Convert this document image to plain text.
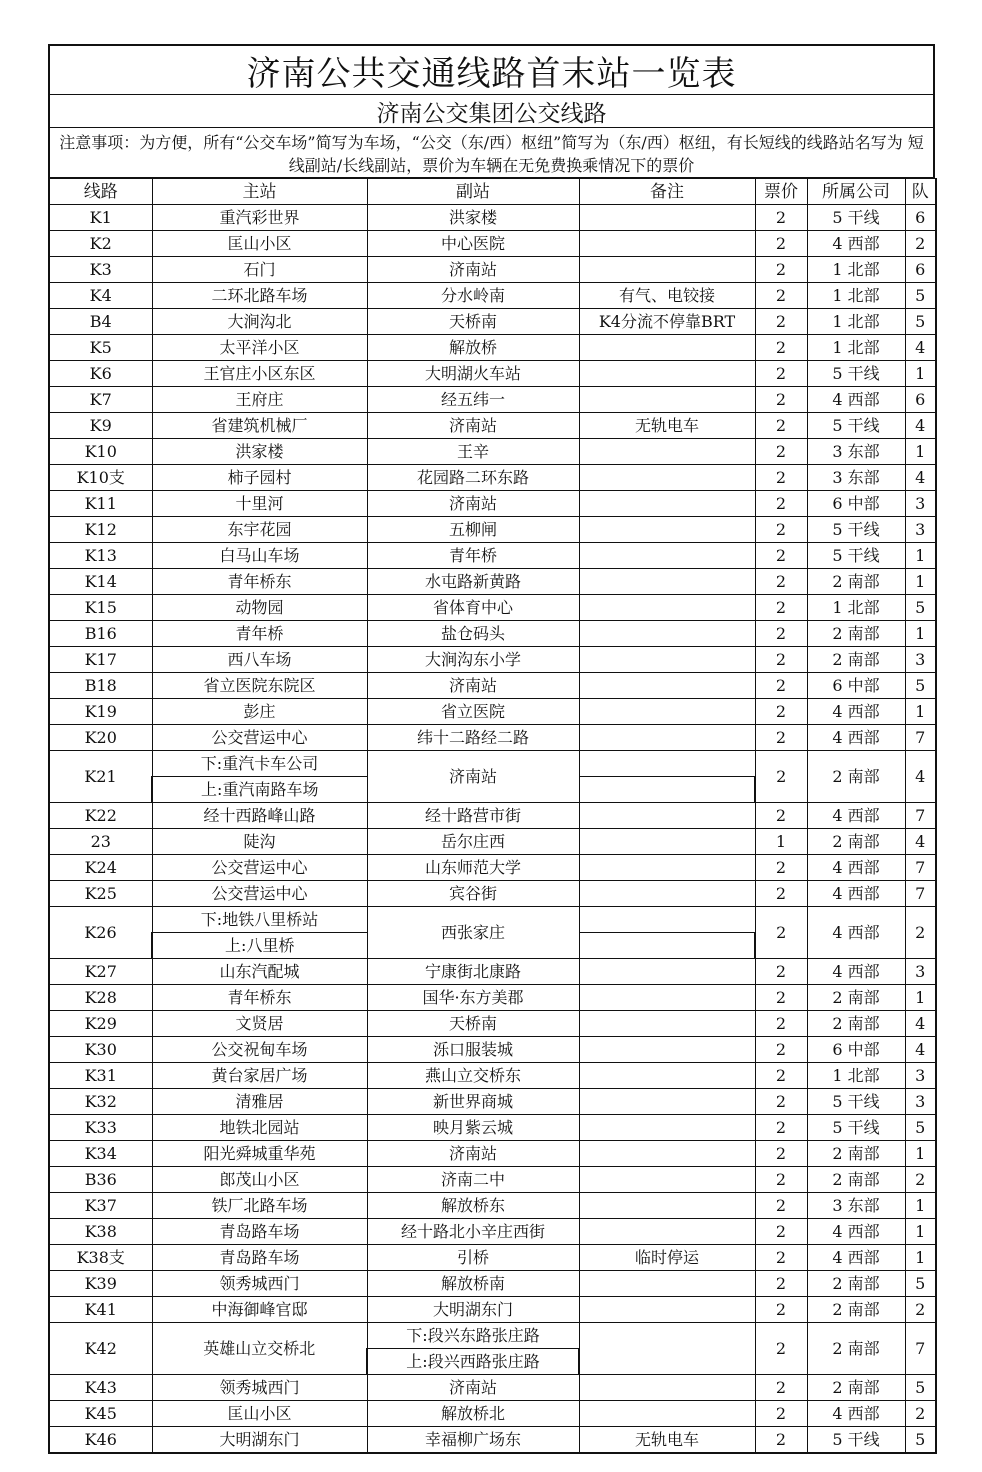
济南公共交通线路首末站一览表
济南公交集团公交线路
注意事项：为方便，所有“公交车场”简写为车场，“公交（东/西）枢纽”简写为（东/西）枢纽，有长短线的线路站名写为 短线副站/长线副站，票价为车辆在无免费换乘情况下的票价
线路	主站	副站	备注	票价	所属公司	队
K1	重汽彩世界	洪家楼		2	5 干线	6
K2	匡山小区	中心医院		2	4 西部	2
K3	石门	济南站		2	1 北部	6
K4	二环北路车场	分水岭南	有气、电铰接	2	1 北部	5
B4	大涧沟北	天桥南	K4分流不停靠BRT	2	1 北部	5
K5	太平洋小区	解放桥		2	1 北部	4
K6	王官庄小区东区	大明湖火车站		2	5 干线	1
K7	王府庄	经五纬一		2	4 西部	6
K9	省建筑机械厂	济南站	无轨电车	2	5 干线	4
K10	洪家楼	王辛		2	3 东部	1
K10支	柿子园村	花园路二环东路		2	3 东部	4
K11	十里河	济南站		2	6 中部	3
K12	东宇花园	五柳闸		2	5 干线	3
K13	白马山车场	青年桥		2	5 干线	1
K14	青年桥东	水屯路新黄路		2	2 南部	1
K15	动物园	省体育中心		2	1 北部	5
B16	青年桥	盐仓码头		2	2 南部	1
K17	西八车场	大涧沟东小学		2	2 南部	3
B18	省立医院东院区	济南站		2	6 中部	5
K19	彭庄	省立医院		2	4 西部	1
K20	公交营运中心	纬十二路经二路		2	4 西部	7
K21	下:重汽卡车公司	济南站		2	2 南部	4
	上:重汽南路车场					
K22	经十西路峰山路	经十路营市街		2	4 西部	7
23	陡沟	岳尔庄西		1	2 南部	4
K24	公交营运中心	山东师范大学		2	4 西部	7
K25	公交营运中心	宾谷街		2	4 西部	7
K26	下:地铁八里桥站	西张家庄		2	4 西部	2
	上:八里桥					
K27	山东汽配城	宁康街北康路		2	4 西部	3
K28	青年桥东	国华·东方美郡		2	2 南部	1
K29	文贤居	天桥南		2	2 南部	4
K30	公交祝甸车场	泺口服装城		2	6 中部	4
K31	黄台家居广场	燕山立交桥东		2	1 北部	3
K32	清雅居	新世界商城		2	5 干线	3
K33	地铁北园站	映月紫云城		2	5 干线	5
K34	阳光舜城重华苑	济南站		2	2 南部	1
B36	郎茂山小区	济南二中		2	2 南部	2
K37	铁厂北路车场	解放桥东		2	3 东部	1
K38	青岛路车场	经十路北小辛庄西街		2	4 西部	1
K38支	青岛路车场	引桥	临时停运	2	4 西部	1
K39	领秀城西门	解放桥南		2	2 南部	5
K41	中海御峰官邸	大明湖东门		2	2 南部	2
K42	英雄山立交桥北	下:段兴东路张庄路		2	2 南部	7
		上:段兴西路张庄路				
K43	领秀城西门	济南站		2	2 南部	5
K45	匡山小区	解放桥北		2	4 西部	2
K46	大明湖东门	幸福柳广场东	无轨电车	2	5 干线	5
